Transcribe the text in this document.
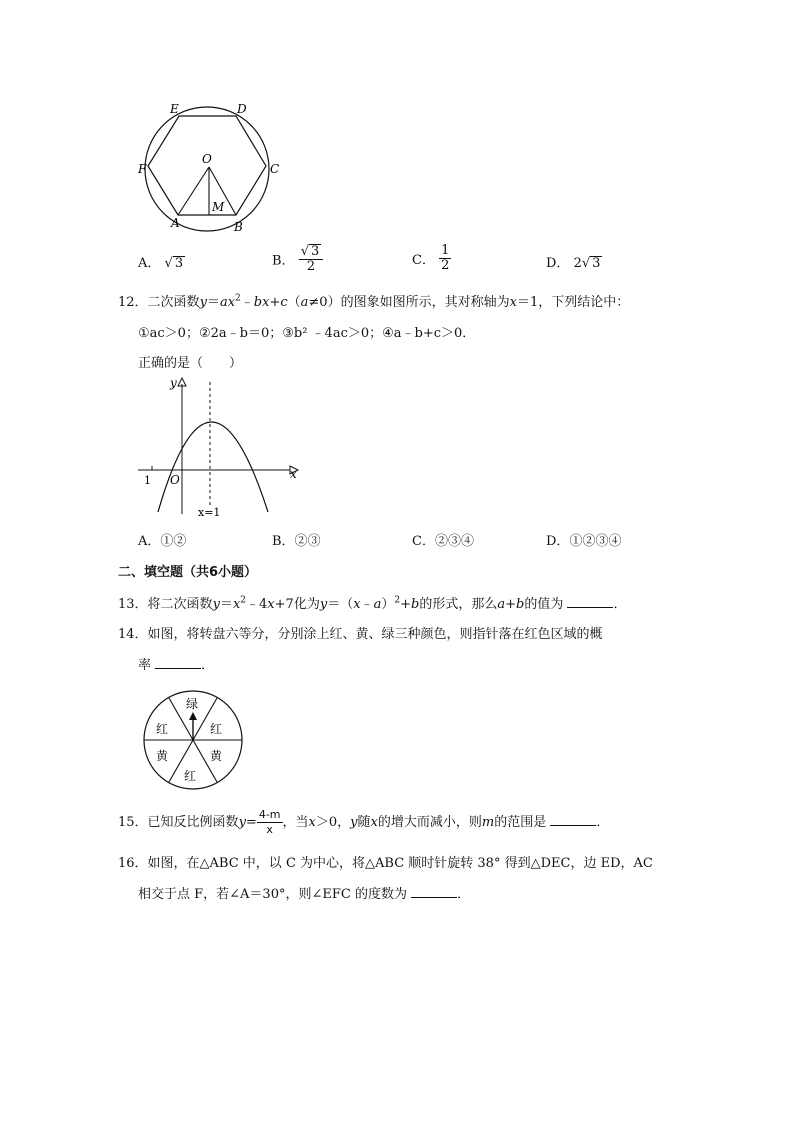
E	D
F	C
O
M
A	B
A． √ 3	B． $\frac{√ 3}{2}$	C． $\frac{1}{2}$	D． 2√ 3
12．二次函数$y=ax^2﹣bx+c(a\ne 0)$的图象如图所示，其对称轴为x＝1，下列结论中：
①ac＞0；②2a﹣b＝0；③b² ﹣4ac＞0；④a﹣b+c＞0．
正确的是（　　）
y
x
O
1
x=1
A．①②	B．②③	C．②③④	D．①②③④
二、填空题（共6小题）
13．将二次函数$y=x^2﹣4x+7$化为y＝（x﹣a）$^2$+b的形式，那么a+b的值为	．
14．如图，将转盘六等分，分别涂上红、黄、绿三种颜色，则指针落在红色区域的概
率	．
绿
红
黄
红
黄
红
15．已知反比例函数$y= \frac{4-m}{x}$ ，当x＞0，y随x的增大而减小，则m的范围是	．
16．如图，在△ABC 中，以 C 为中心，将△ABC 顺时针旋转 38° 得到△DEC，边 ED，AC
相交于点 F，若∠A＝30°，则∠EFC 的度数为	．
